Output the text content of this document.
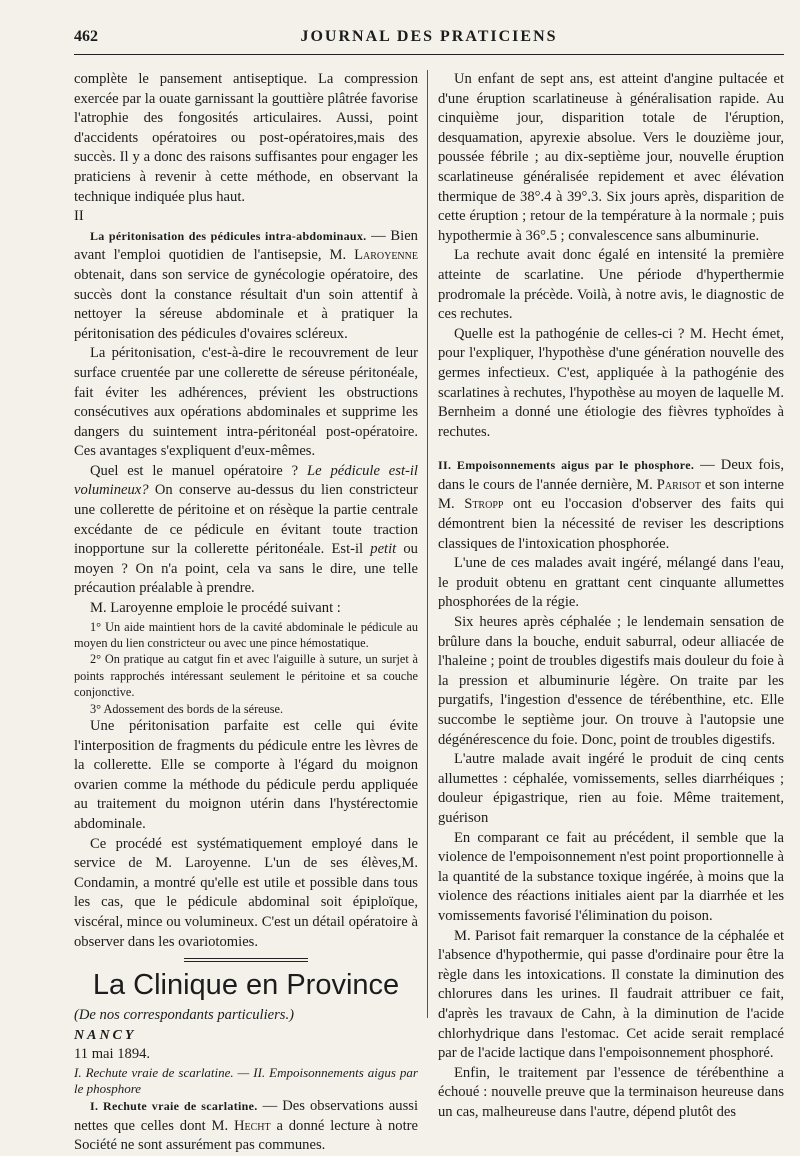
462	JOURNAL DES PRATICIENS

complète le pansement antiseptique. La compression exercée par la ouate garnissant la gouttière plâtrée favorise l'atrophie des fongosités articulaires. Aussi, point d'accidents opératoires ou post-opératoires,mais des succès. Il y a donc des raisons suffisantes pour engager les praticiens à revenir à cette méthode, en observant la technique indiquée plus haut.

II

La péritonisation des pédicules intra-abdominaux. — Bien avant l'emploi quotidien de l'antisepsie, M. Laroyenne obtenait, dans son service de gynécologie opératoire, des succès dont la constance résultait d'un soin attentif à nettoyer la séreuse abdominale et à pratiquer la péritonisation des pédicules d'ovaires scléreux.

La péritonisation, c'est-à-dire le recouvrement de leur surface cruentée par une collerette de séreuse péritonéale, fait éviter les adhérences, prévient les obstructions consécutives aux opérations abdominales et supprime les dangers du suintement intra-péritonéal post-opératoire. Ces avantages s'expliquent d'eux-mêmes.

Quel est le manuel opératoire ? Le pédicule est-il volumineux? On conserve au-dessus du lien constricteur une collerette de péritoine et on résèque la partie centrale excédante de ce pédicule en évitant toute traction inopportune sur la collerette péritonéale. Est-il petit ou moyen ? On n'a point, cela va sans le dire, une telle précaution préalable à prendre.

M. Laroyenne emploie le procédé suivant :

1° Un aide maintient hors de la cavité abdominale le pédicule au moyen du lien constricteur ou avec une pince hémostatique.

2° On pratique au catgut fin et avec l'aiguille à suture, un surjet à points rapprochés intéressant seulement le péritoine et sa couche conjonctive.

3° Adossement des bords de la séreuse.

Une péritonisation parfaite est celle qui évite l'interposition de fragments du pédicule entre les lèvres de la collerette. Elle se comporte à l'égard du moignon ovarien comme la méthode du pédicule perdu appliquée au traitement du moignon utérin dans l'hystérectomie abdominale.

Ce procédé est systématiquement employé dans le service de M. Laroyenne. L'un de ses élèves,M. Condamin, a montré qu'elle est utile et possible dans tous les cas, que le pédicule abdominal soit épiploïque, viscéral, mince ou volumineux. C'est un détail opératoire à observer dans les ovariotomies.

La Clinique en Province

(De nos correspondants particuliers.)

NANCY

11 mai 1894.

I. Rechute vraie de scarlatine. — II. Empoisonnements aigus par le phosphore

I. Rechute vraie de scarlatine. — Des observations aussi nettes que celles dont M. Hecht a donné lecture à notre Société ne sont assurément pas communes.

Un enfant de sept ans, est atteint d'angine pultacée et d'une éruption scarlatineuse à généralisation rapide. Au cinquième jour, disparition totale de l'éruption, desquamation, apyrexie absolue. Vers le douzième jour, poussée fébrile ; au dix-septième jour, nouvelle éruption scarlatineuse généralisée repidement et avec élévation thermique de 38°.4 à 39°.3. Six jours après, disparition de cette éruption ; retour de la température à la normale ; puis hypothermie à 36°.5 ; convalescence sans albuminurie.

La rechute avait donc égalé en intensité la première atteinte de scarlatine. Une période d'hyperthermie prodromale la précède. Voilà, à notre avis, le diagnostic de ces rechutes.

Quelle est la pathogénie de celles-ci ? M. Hecht émet, pour l'expliquer, l'hypothèse d'une génération nouvelle des germes infectieux. C'est, appliquée à la pathogénie des scarlatines à rechutes, l'hypothèse au moyen de laquelle M. Bernheim a donné une étiologie des fièvres typhoïdes à rechutes.

II. Empoisonnements aigus par le phosphore. — Deux fois, dans le cours de l'année dernière, M. Parisot et son interne M. Stropp ont eu l'occasion d'observer des faits qui démontrent bien la nécessité de reviser les descriptions classiques de l'intoxication phosphorée.

L'une de ces malades avait ingéré, mélangé dans l'eau, le produit obtenu en grattant cent cinquante allumettes phosphorées de la régie.

Six heures après céphalée ; le lendemain sensation de brûlure dans la bouche, enduit saburral, odeur alliacée de l'haleine ; point de troubles digestifs mais douleur du foie à la pression et albuminurie légère. On traite par les purgatifs, l'ingestion d'essence de térébenthine, etc. Elle succombe le septième jour. On trouve à l'autopsie une dégénérescence du foie. Donc, point de troubles digestifs.

L'autre malade avait ingéré le produit de cinq cents allumettes : céphalée, vomissements, selles diarrhéiques ; douleur épigastrique, rien au foie. Même traitement, guérison

En comparant ce fait au précédent, il semble que la violence de l'empoisonnement n'est point proportionnelle à la quantité de la substance toxique ingérée, à moins que la violence des réactions initiales aient par la diarrhée et les vomissements favorisé l'élimination du poison.

M. Parisot fait remarquer la constance de la céphalée et l'absence d'hypothermie, qui passe d'ordinaire pour être la règle dans les intoxications. Il constate la diminution des chlorures dans les urines. Il faudrait attribuer ce fait, d'après les travaux de Cahn, à la diminution de l'acide chlorhydrique dans l'estomac. Cet acide serait remplacé par de l'acide lactique dans l'empoisonnement phosphoré.

Enfin, le traitement par l'essence de térébenthine a échoué : nouvelle preuve que la terminaison heureuse dans un cas, malheureuse dans l'autre, dépend plutôt des
